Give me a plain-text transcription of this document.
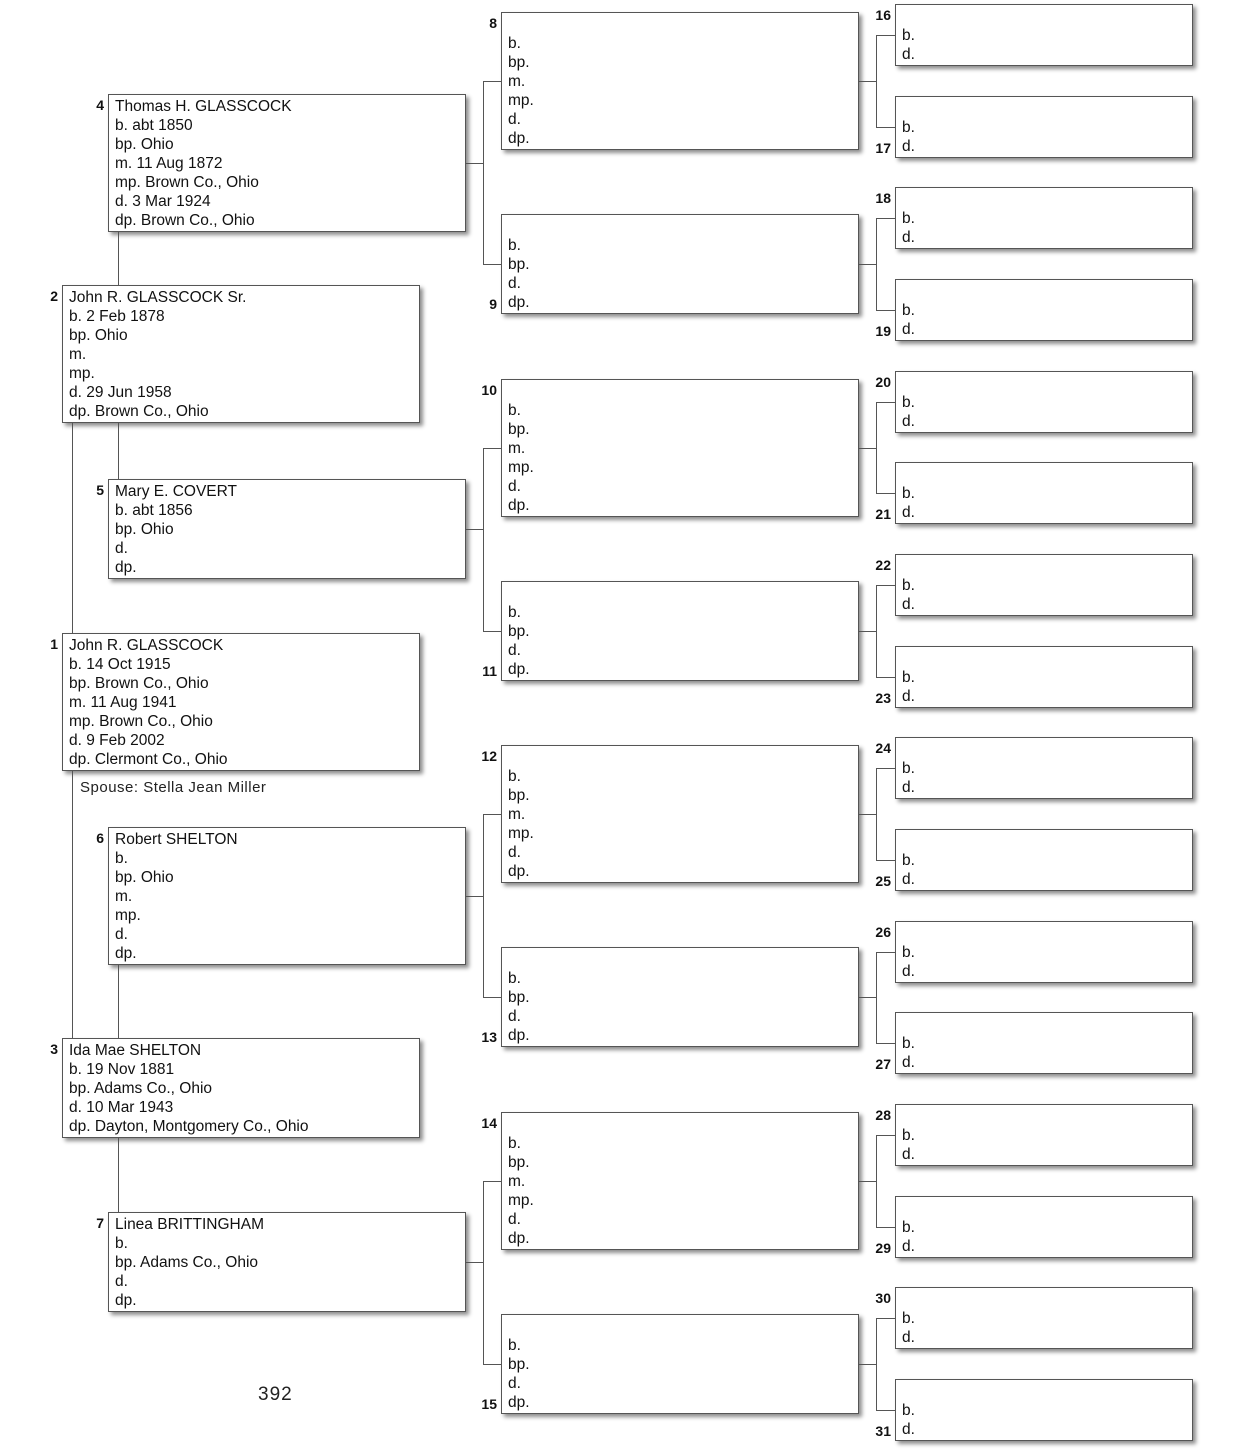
John R. GLASSCOCK
b. 14 Oct 1915
bp. Brown Co., Ohio
m. 11 Aug 1941
mp. Brown Co., Ohio
d. 9 Feb 2002
dp. Clermont Co., Ohio
1
John R. GLASSCOCK Sr.
b. 2 Feb 1878
bp. Ohio
m.
mp.
d. 29 Jun 1958
dp. Brown Co., Ohio
2
Ida Mae SHELTON
b. 19 Nov 1881
bp. Adams Co., Ohio
d. 10 Mar 1943
dp. Dayton, Montgomery Co., Ohio
3
Thomas H. GLASSCOCK
b. abt 1850
bp. Ohio
m. 11 Aug 1872
mp. Brown Co., Ohio
d. 3 Mar 1924
dp. Brown Co., Ohio
4
Mary E. COVERT
b. abt 1856
bp. Ohio
d.
dp.
5
Robert SHELTON
b.
bp. Ohio
m.
mp.
d.
dp.
6
Linea BRITTINGHAM
b.
bp. Adams Co., Ohio
d.
dp.
7
b.
bp.
m.
mp.
d.
dp.
8
b.
bp.
d.
dp.
9
b.
bp.
m.
mp.
d.
dp.
10
b.
bp.
d.
dp.
11
b.
bp.
m.
mp.
d.
dp.
12
b.
bp.
d.
dp.
13
b.
bp.
m.
mp.
d.
dp.
14
b.
bp.
d.
dp.
15
b.
d.
16
b.
d.
17
b.
d.
18
b.
d.
19
b.
d.
20
b.
d.
21
b.
d.
22
b.
d.
23
b.
d.
24
b.
d.
25
b.
d.
26
b.
d.
27
b.
d.
28
b.
d.
29
b.
d.
30
b.
d.
31
Spouse: Stella Jean Miller
392
